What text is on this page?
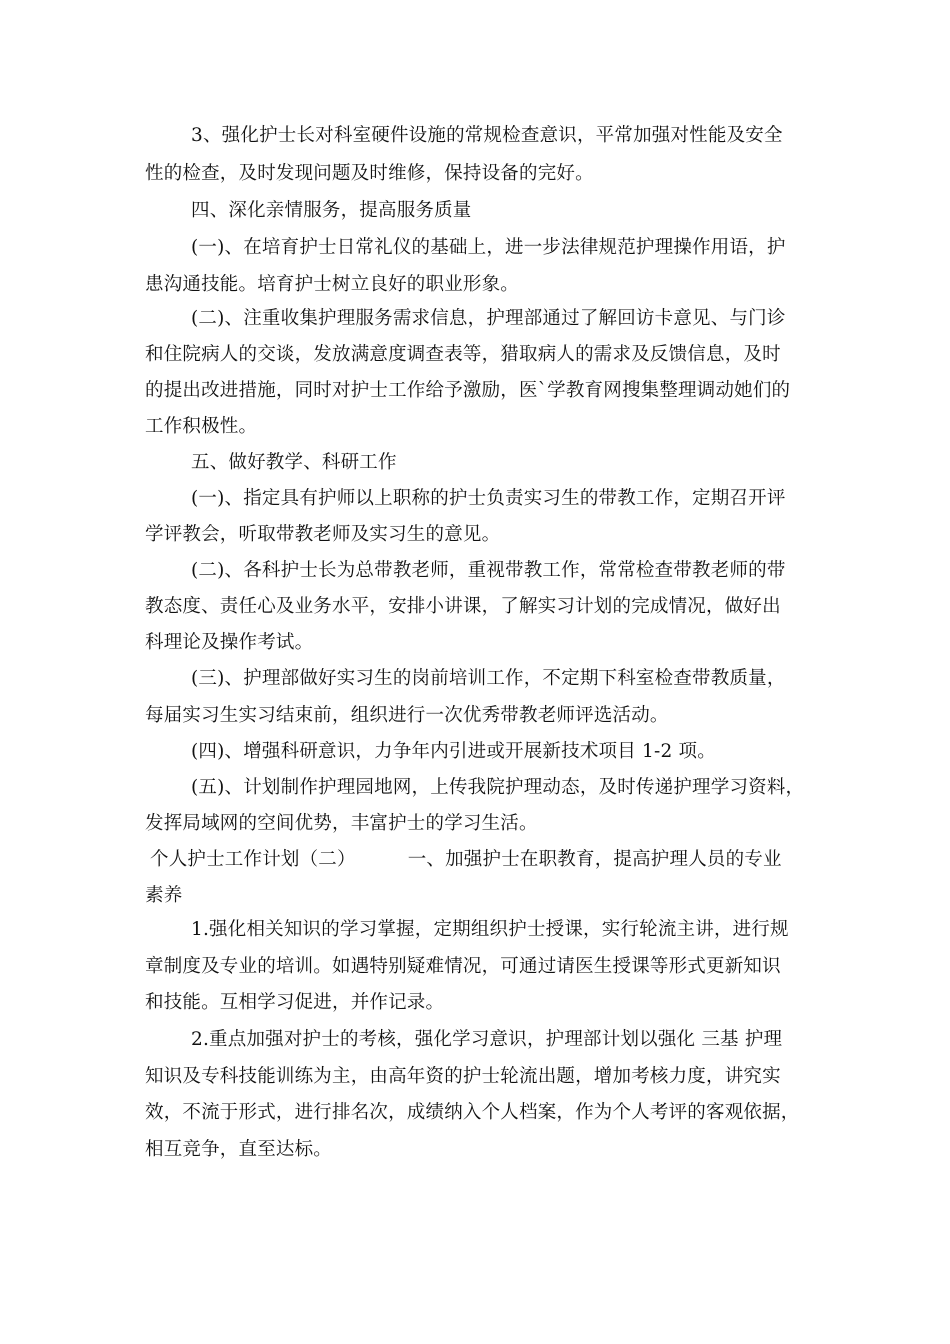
3、强化护士长对科室硬件设施的常规检查意识，平常加强对性能及安全
性的检查，及时发现问题及时维修，保持设备的完好。
四、深化亲情服务，提高服务质量
(一)、在培育护士日常礼仪的基础上，进一步法律规范护理操作用语，护
患沟通技能。培育护士树立良好的职业形象。
(二)、注重收集护理服务需求信息，护理部通过了解回访卡意见、与门诊
和住院病人的交谈，发放满意度调查表等，猎取病人的需求及反馈信息，及时
的提出改进措施，同时对护士工作给予激励，医`学教育网搜集整理调动她们的
工作积极性。
五、做好教学、科研工作
(一)、指定具有护师以上职称的护士负责实习生的带教工作，定期召开评
学评教会，听取带教老师及实习生的意见。
(二)、各科护士长为总带教老师，重视带教工作，常常检查带教老师的带
教态度、责任心及业务水平，安排小讲课，了解实习计划的完成情况，做好出
科理论及操作考试。
(三)、护理部做好实习生的岗前培训工作，不定期下科室检查带教质量，
每届实习生实习结束前，组织进行一次优秀带教老师评选活动。
(四)、增强科研意识，力争年内引进或开展新技术项目 1-2 项。
(五)、计划制作护理园地网，上传我院护理动态，及时传递护理学习资料，
发挥局域网的空间优势，丰富护士的学习生活。
个人护士工作计划（二）	一、加强护士在职教育，提高护理人员的专业
素养
1.强化相关知识的学习掌握，定期组织护士授课，实行轮流主讲，进行规
章制度及专业的培训。如遇特别疑难情况，可通过请医生授课等形式更新知识
和技能。互相学习促进，并作记录。
2.重点加强对护士的考核，强化学习意识，护理部计划以强化 三基 护理
知识及专科技能训练为主，由高年资的护士轮流出题，增加考核力度，讲究实
效，不流于形式，进行排名次，成绩纳入个人档案，作为个人考评的客观依据，
相互竞争，直至达标。
